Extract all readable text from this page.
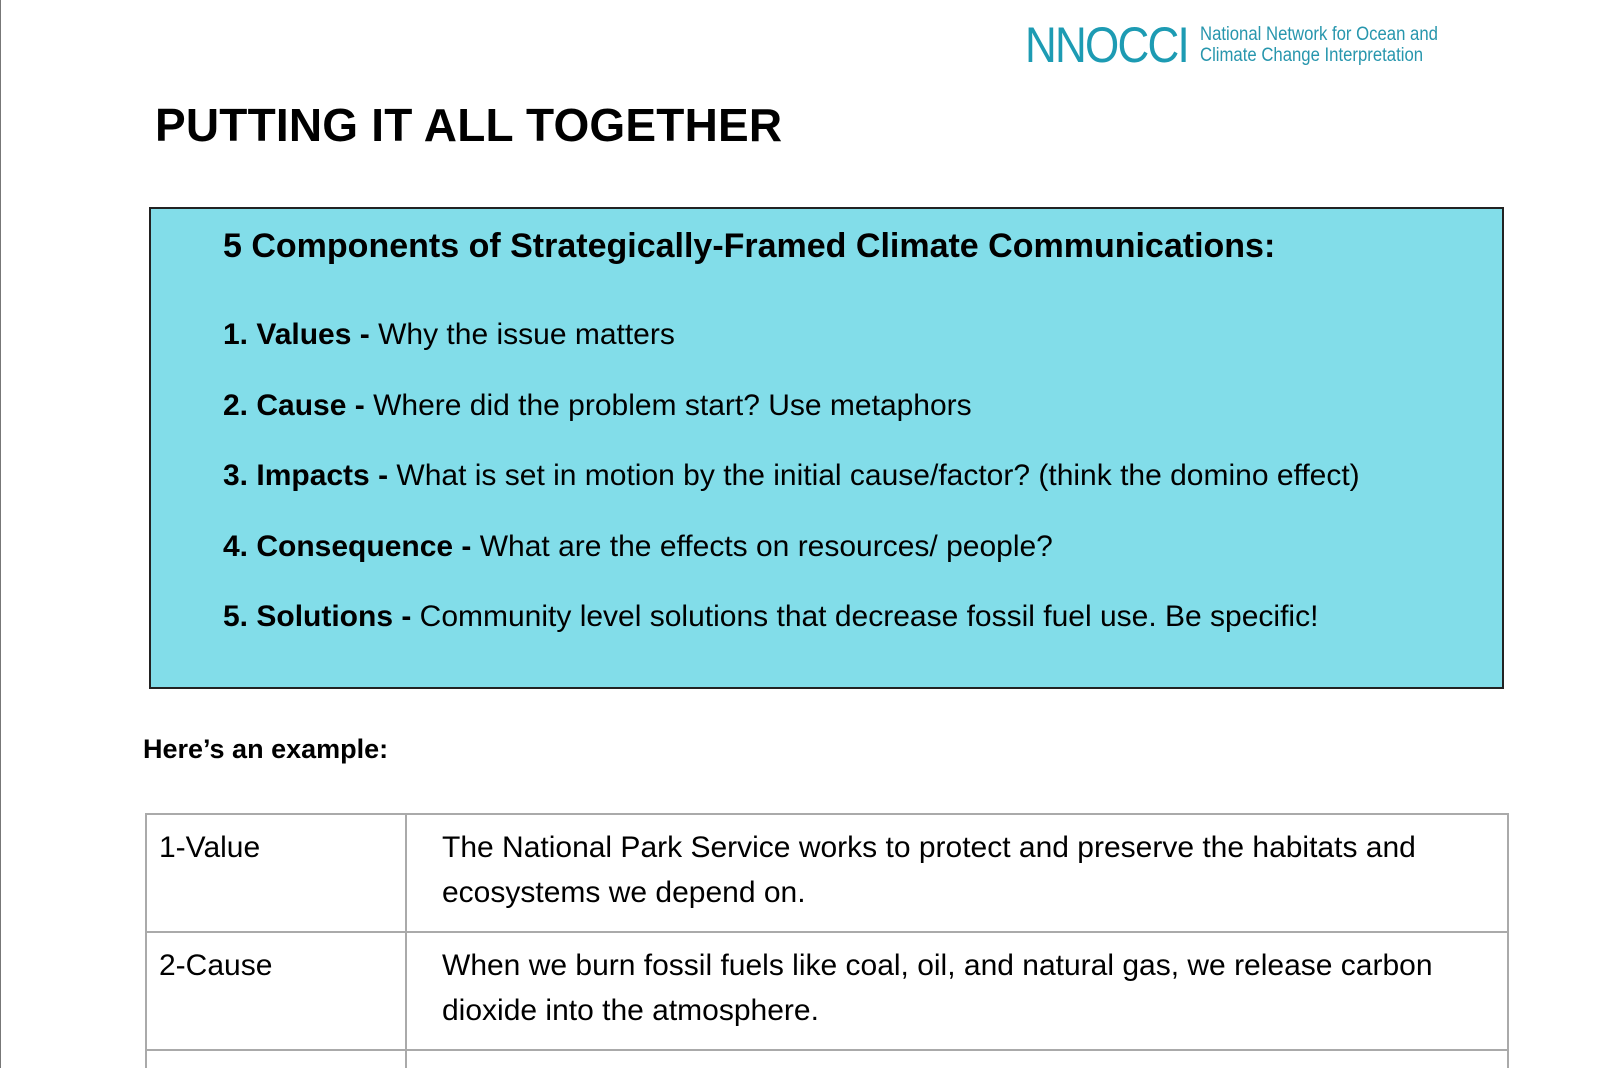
NNOCCI National Network for Ocean and
Climate Change Interpretation
PUTTING IT ALL TOGETHER
5 Components of Strategically-Framed Climate Communications:
1. Values - Why the issue matters
2. Cause - Where did the problem start? Use metaphors
3. Impacts - What is set in motion by the initial cause/factor? (think the domino effect)
4. Consequence - What are the effects on resources/ people?
5. Solutions - Community level solutions that decrease fossil fuel use. Be specific!

Here’s an example:

1-Value	The National Park Service works to protect and preserve the habitats and ecosystems we depend on.
2-Cause	When we burn fossil fuels like coal, oil, and natural gas, we release carbon dioxide into the atmosphere.
